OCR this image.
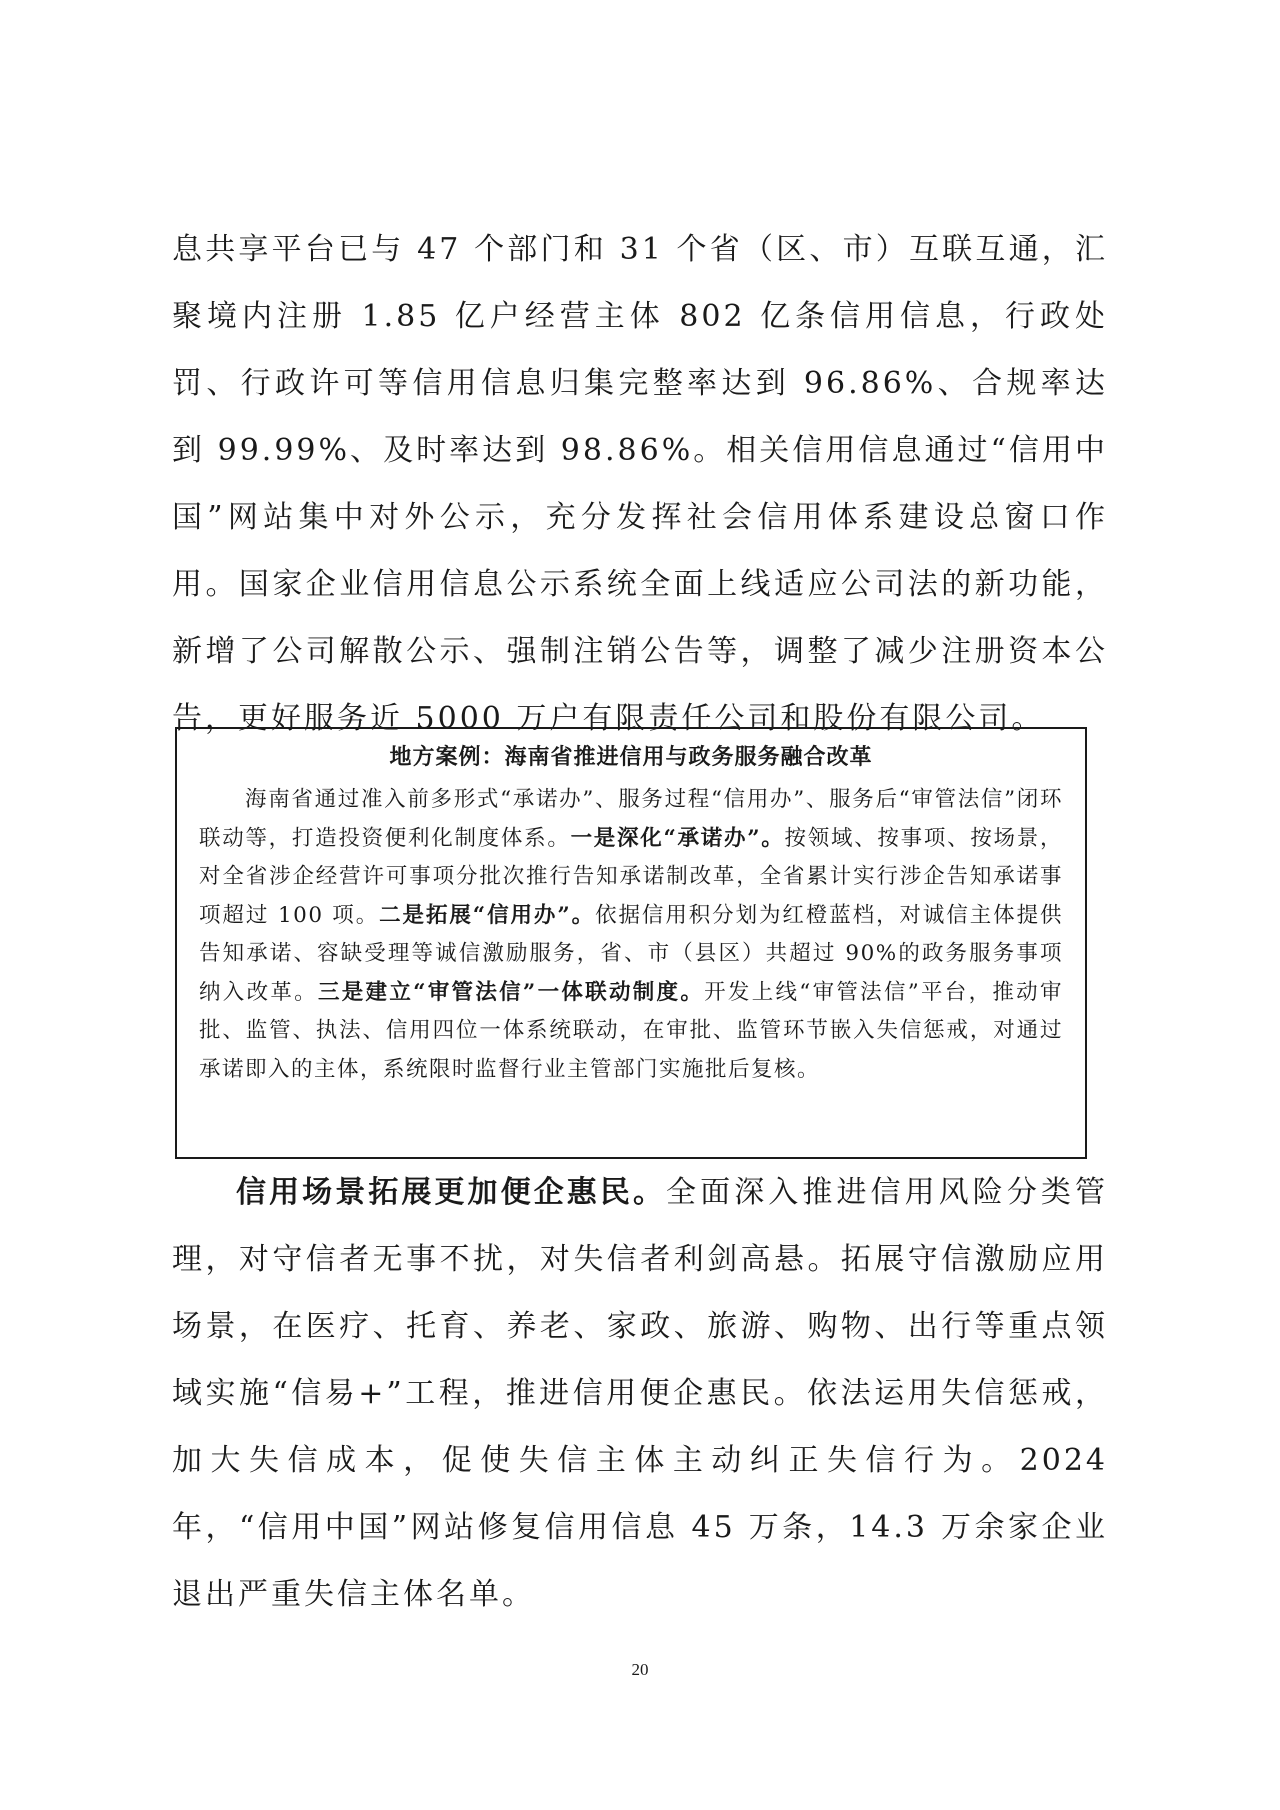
息共享平台已与 47 个部门和 31 个省（区、市）互联互通，汇聚境内注册 1.85 亿户经营主体 802 亿条信用信息，行政处罚、行政许可等信用信息归集完整率达到 96.86%、合规率达到 99.99%、及时率达到 98.86%。相关信用信息通过“信用中国”网站集中对外公示，充分发挥社会信用体系建设总窗口作用。国家企业信用信息公示系统全面上线适应公司法的新功能，新增了公司解散公示、强制注销公告等，调整了减少注册资本公告，更好服务近 5000 万户有限责任公司和股份有限公司。

地方案例：海南省推进信用与政务服务融合改革

海南省通过准入前多形式“承诺办”、服务过程“信用办”、服务后“审管法信”闭环联动等，打造投资便利化制度体系。一是深化“承诺办”。按领域、按事项、按场景，对全省涉企经营许可事项分批次推行告知承诺制改革，全省累计实行涉企告知承诺事项超过 100 项。二是拓展“信用办”。依据信用积分划为红橙蓝档，对诚信主体提供告知承诺、容缺受理等诚信激励服务，省、市（县区）共超过 90%的政务服务事项纳入改革。三是建立“审管法信”一体联动制度。开发上线“审管法信”平台，推动审批、监管、执法、信用四位一体系统联动，在审批、监管环节嵌入失信惩戒，对通过承诺即入的主体，系统限时监督行业主管部门实施批后复核。

信用场景拓展更加便企惠民。全面深入推进信用风险分类管理，对守信者无事不扰，对失信者利剑高悬。拓展守信激励应用场景，在医疗、托育、养老、家政、旅游、购物、出行等重点领域实施“信易+”工程，推进信用便企惠民。依法运用失信惩戒，加大失信成本，促使失信主体主动纠正失信行为。2024 年，“信用中国”网站修复信用信息 45 万条，14.3 万余家企业退出严重失信主体名单。

20
